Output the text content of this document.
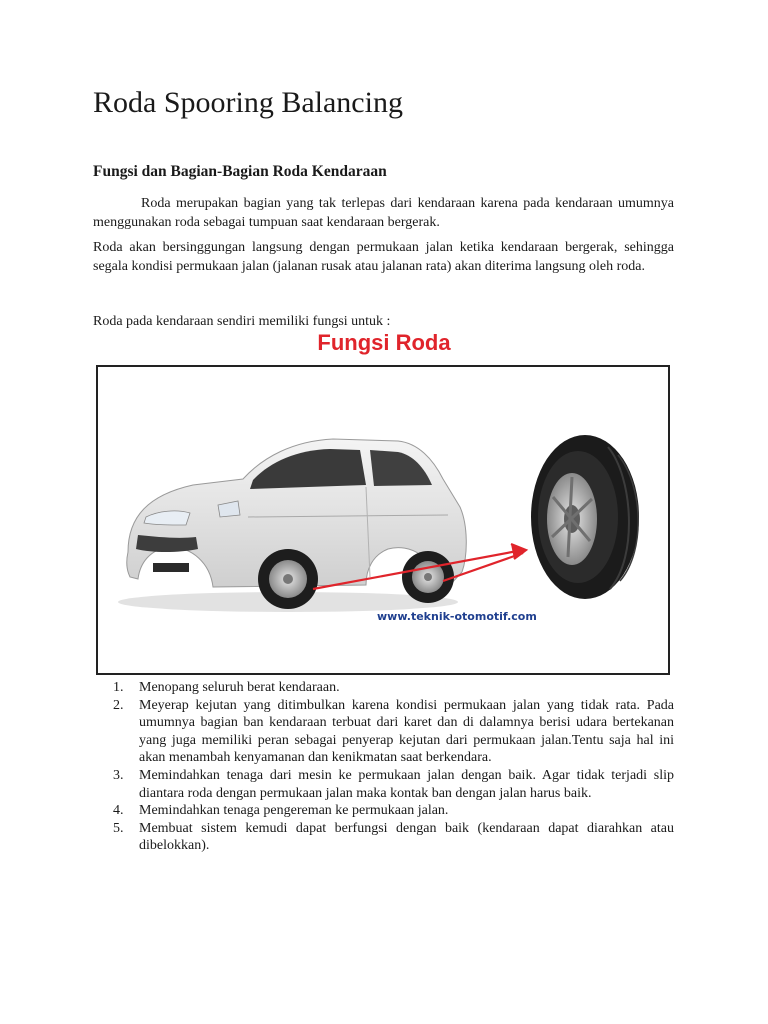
Roda Spooring Balancing
Fungsi dan Bagian-Bagian Roda Kendaraan

Roda merupakan bagian yang tak terlepas dari kendaraan karena pada kendaraan umumnya menggunakan roda sebagai tumpuan saat kendaraan bergerak.

Roda akan bersinggungan langsung dengan permukaan jalan ketika kendaraan bergerak, sehingga segala kondisi permukaan jalan (jalanan rusak atau jalanan rata) akan diterima langsung oleh roda.

Roda pada kendaraan sendiri memiliki fungsi untuk :

Fungsi Roda
www.teknik-otomotif.com
1. Menopang seluruh berat kendaraan.
2. Meyerap kejutan yang ditimbulkan karena kondisi permukaan jalan yang tidak rata. Pada umumnya bagian ban kendaraan terbuat dari karet dan di dalamnya berisi udara bertekanan yang juga memiliki peran sebagai penyerap kejutan dari permukaan jalan.Tentu saja hal ini akan menambah kenyamanan dan kenikmatan saat berkendara.
3. Memindahkan tenaga dari mesin ke permukaan jalan dengan baik. Agar tidak terjadi slip diantara roda dengan permukaan jalan maka kontak ban dengan jalan harus baik.
4. Memindahkan tenaga pengereman ke permukaan jalan.
5. Membuat sistem kemudi dapat berfungsi dengan baik (kendaraan dapat diarahkan atau dibelokkan).
